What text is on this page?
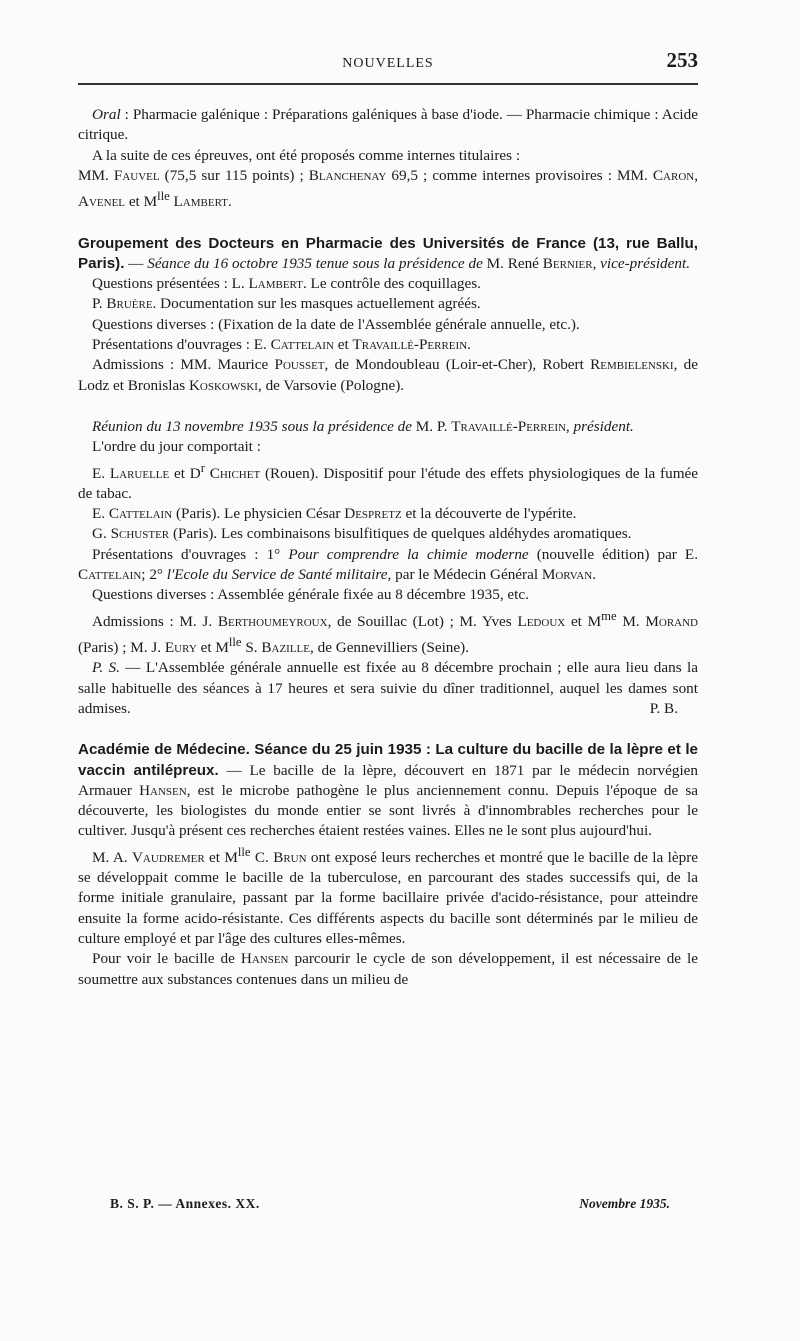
NOUVELLES	253

Oral : Pharmacie galénique : Préparations galéniques à base d'iode. — Pharmacie chimique : Acide citrique.

A la suite de ces épreuves, ont été proposés comme internes titulaires :
MM. Fauvel (75,5 sur 115 points) ; Blanchenay 69,5 ; comme internes provisoires : MM. Caron, Avenel et $M^{lle}$ Lambert.

Groupement des Docteurs en Pharmacie des Universités de France (13, rue Ballu, Paris). — Séance du 16 octobre 1935 tenue sous la présidence de M. René Bernier, vice-président.

Questions présentées : L. Lambert. Le contrôle des coquillages.

P. Bruère. Documentation sur les masques actuellement agréés.

Questions diverses : (Fixation de la date de l'Assemblée générale annuelle, etc.).

Présentations d'ouvrages : E. Cattelain et Travaillé-Perrein.

Admissions : MM. Maurice Pousset, de Mondoubleau (Loir-et-Cher), Robert Rembielenski, de Lodz et Bronislas Koskowski, de Varsovie (Pologne).

Réunion du 13 novembre 1935 sous la présidence de M. P. Travaillé-Perrein, président.

L'ordre du jour comportait :

E. Laruelle et $D^r$ Chichet (Rouen). Dispositif pour l'étude des effets physiologiques de la fumée de tabac.

E. Cattelain (Paris). Le physicien César Despretz et la découverte de l'ypérite.

G. Schuster (Paris). Les combinaisons bisulfitiques de quelques aldéhydes aromatiques.

Présentations d'ouvrages : 1° Pour comprendre la chimie moderne (nouvelle édition) par E. Cattelain; 2° l'Ecole du Service de Santé militaire, par le Médecin Général Morvan.

Questions diverses : Assemblée générale fixée au 8 décembre 1935, etc.

Admissions : M. J. Berthoumeyroux, de Souillac (Lot) ; M. Yves Ledoux et $M^{me}$ M. Morand (Paris) ; M. J. Eury et $M^{lle}$ S. Bazille, de Gennevilliers (Seine).

P. S. — L'Assemblée générale annuelle est fixée au 8 décembre prochain ; elle aura lieu dans la salle habituelle des séances à 17 heures et sera suivie du dîner traditionnel, auquel les dames sont admises.	P. B.

Académie de Médecine. Séance du 25 juin 1935 : La culture du bacille de la lèpre et le vaccin antilépreux. — Le bacille de la lèpre, découvert en 1871 par le médecin norvégien Armauer Hansen, est le microbe pathogène le plus anciennement connu. Depuis l'époque de sa découverte, les biologistes du monde entier se sont livrés à d'innombrables recherches pour le cultiver. Jusqu'à présent ces recherches étaient restées vaines. Elles ne le sont plus aujourd'hui.

M. A. Vaudremer et $M^{lle}$ C. Brun ont exposé leurs recherches et montré que le bacille de la lèpre se développait comme le bacille de la tuberculose, en parcourant des stades successifs qui, de la forme initiale granulaire, passant par la forme bacillaire privée d'acido-résistance, pour atteindre ensuite la forme acido-résistante. Ces différents aspects du bacille sont déterminés par le milieu de culture employé et par l'âge des cultures elles-mêmes.

Pour voir le bacille de Hansen parcourir le cycle de son développement, il est nécessaire de le soumettre aux substances contenues dans un milieu de

B. S. P. — Annexes. XX.	Novembre 1935.
